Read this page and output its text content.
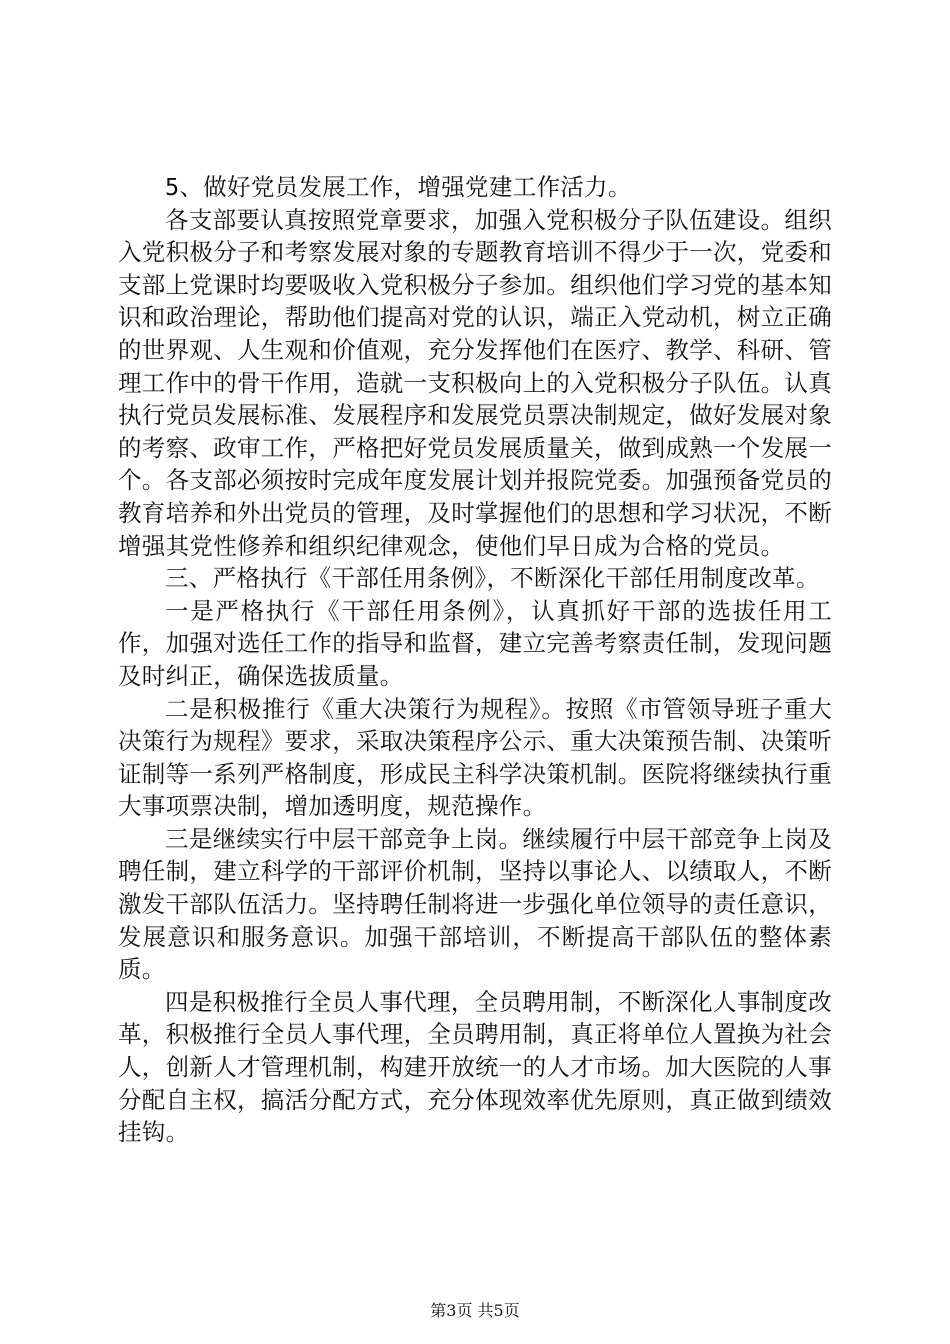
5、做好党员发展工作，增强党建工作活力。

各支部要认真按照党章要求，加强入党积极分子队伍建设。组织入党积极分子和考察发展对象的专题教育培训不得少于一次，党委和支部上党课时均要吸收入党积极分子参加。组织他们学习党的基本知识和政治理论，帮助他们提高对党的认识，端正入党动机，树立正确的世界观、人生观和价值观，充分发挥他们在医疗、教学、科研、管理工作中的骨干作用，造就一支积极向上的入党积极分子队伍。认真执行党员发展标准、发展程序和发展党员票决制规定，做好发展对象的考察、政审工作，严格把好党员发展质量关，做到成熟一个发展一个。各支部必须按时完成年度发展计划并报院党委。加强预备党员的教育培养和外出党员的管理，及时掌握他们的思想和学习状况，不断增强其党性修养和组织纪律观念，使他们早日成为合格的党员。

三、严格执行《干部任用条例》，不断深化干部任用制度改革。

一是严格执行《干部任用条例》，认真抓好干部的选拔任用工作，加强对选任工作的指导和监督，建立完善考察责任制，发现问题及时纠正，确保选拔质量。

二是积极推行《重大决策行为规程》。按照《市管领导班子重大决策行为规程》要求，采取决策程序公示、重大决策预告制、决策听证制等一系列严格制度，形成民主科学决策机制。医院将继续执行重大事项票决制，增加透明度，规范操作。

三是继续实行中层干部竞争上岗。继续履行中层干部竞争上岗及聘任制，建立科学的干部评价机制，坚持以事论人、以绩取人，不断激发干部队伍活力。坚持聘任制将进一步强化单位领导的责任意识，发展意识和服务意识。加强干部培训，不断提高干部队伍的整体素质。

四是积极推行全员人事代理，全员聘用制，不断深化人事制度改革，积极推行全员人事代理，全员聘用制，真正将单位人置换为社会人，创新人才管理机制，构建开放统一的人才市场。加大医院的人事分配自主权，搞活分配方式，充分体现效率优先原则，真正做到绩效挂钩。

第3页 共5页
